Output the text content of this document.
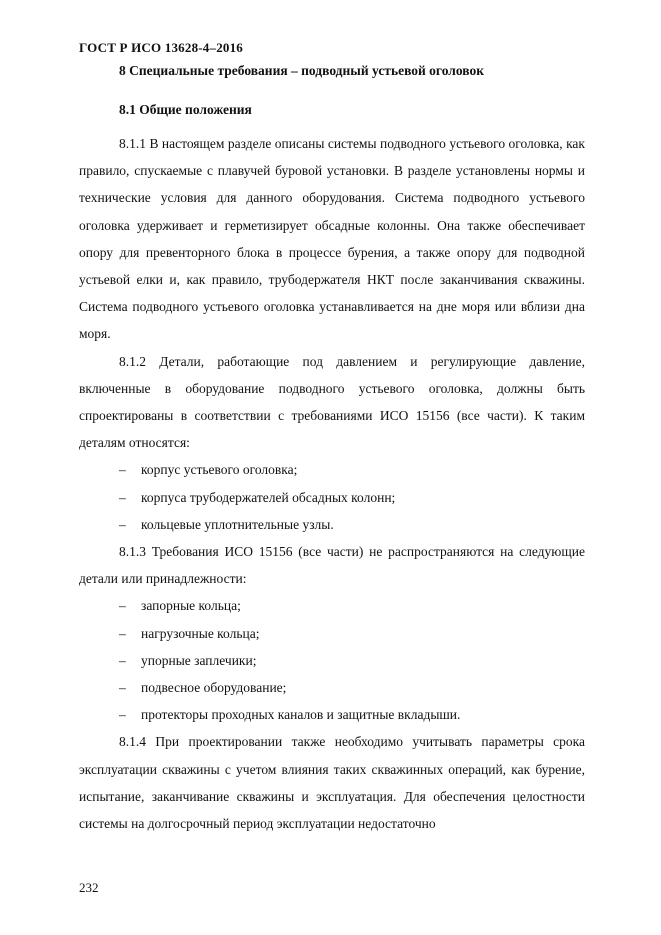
ГОСТ Р ИСО 13628-4–2016
8 Специальные требования – подводный устьевой оголовок
8.1 Общие положения

8.1.1 В настоящем разделе описаны системы подводного устьевого оголовка, как правило, спускаемые с плавучей буровой установки. В разделе установлены нормы и технические условия для данного оборудования. Система подводного устьевого оголовка удерживает и герметизирует обсадные колонны. Она также обеспечивает опору для превенторного блока в процессе бурения, а также опору для подводной устьевой елки и, как правило, трубодержателя НКТ после заканчивания скважины. Система подводного устьевого оголовка устанавливается на дне моря или вблизи дна моря.

8.1.2 Детали, работающие под давлением и регулирующие давление, включенные в оборудование подводного устьевого оголовка, должны быть спроектированы в соответствии с требованиями ИСО 15156 (все части). К таким деталям относятся:

– корпус устьевого оголовка;
– корпуса трубодержателей обсадных колонн;
– кольцевые уплотнительные узлы.

8.1.3 Требования ИСО 15156 (все части) не распространяются на следующие детали или принадлежности:

– запорные кольца;
– нагрузочные кольца;
– упорные заплечики;
– подвесное оборудование;
– протекторы проходных каналов и защитные вкладыши.

8.1.4 При проектировании также необходимо учитывать параметры срока эксплуатации скважины с учетом влияния таких скважинных операций, как бурение, испытание, заканчивание скважины и эксплуатация. Для обеспечения целостности системы на долгосрочный период эксплуатации недостаточно

232
